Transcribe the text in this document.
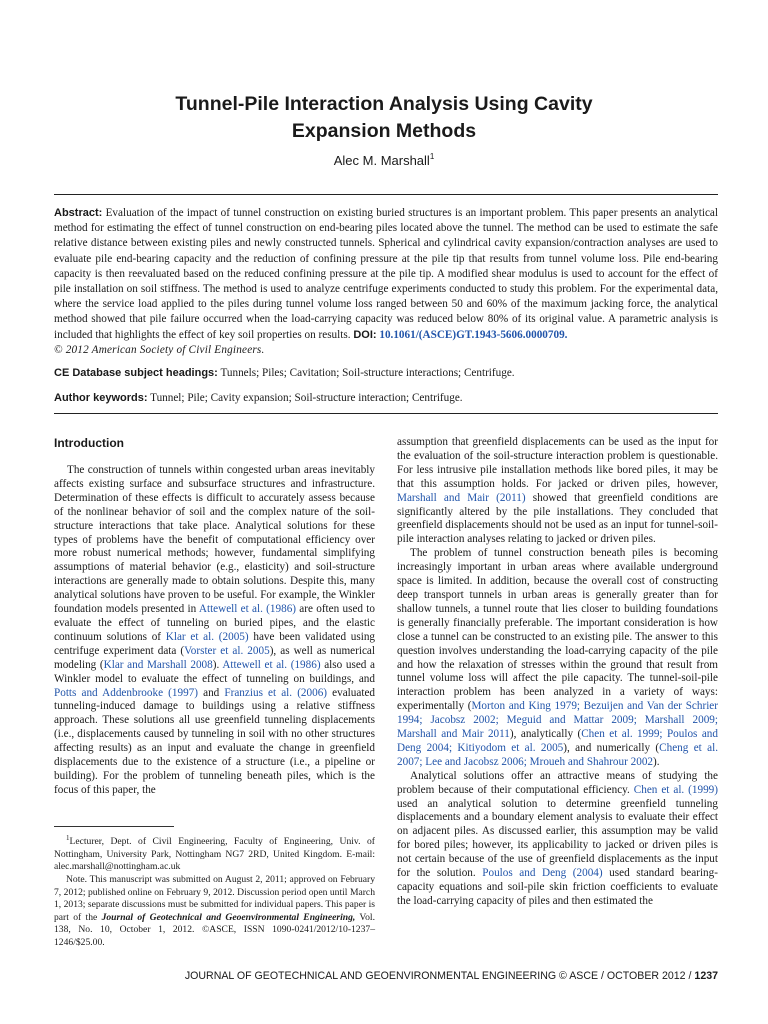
Tunnel-Pile Interaction Analysis Using Cavity
Expansion Methods
Alec M. Marshall$^1$
Abstract: Evaluation of the impact of tunnel construction on existing buried structures is an important problem. This paper presents an analytical method for estimating the effect of tunnel construction on end-bearing piles located above the tunnel. The method can be used to estimate the safe relative distance between existing piles and newly constructed tunnels. Spherical and cylindrical cavity expansion/contraction analyses are used to evaluate pile end-bearing capacity and the reduction of confining pressure at the pile tip that results from tunnel volume loss. Pile end-bearing capacity is then reevaluated based on the reduced confining pressure at the pile tip. A modified shear modulus is used to account for the effect of pile installation on soil stiffness. The method is used to analyze centrifuge experiments conducted to study this problem. For the experimental data, where the service load applied to the piles during tunnel volume loss ranged between 50 and 60% of the maximum jacking force, the analytical method showed that pile failure occurred when the load-carrying capacity was reduced below 80% of its original value. A parametric analysis is included that highlights the effect of key soil properties on results. DOI: 10.1061/(ASCE)GT.1943-5606.0000709.
© 2012 American Society of Civil Engineers.
CE Database subject headings: Tunnels; Piles; Cavitation; Soil-structure interactions; Centrifuge.
Author keywords: Tunnel; Pile; Cavity expansion; Soil-structure interaction; Centrifuge.
Introduction

The construction of tunnels within congested urban areas inevitably affects existing surface and subsurface structures and infrastructure. Determination of these effects is difficult to accurately assess because of the nonlinear behavior of soil and the complex nature of the soil-structure interactions that take place. Analytical solutions for these types of problems have the benefit of computational efficiency over more robust numerical methods; however, fundamental simplifying assumptions of material behavior (e.g., elasticity) and soil-structure interactions are generally made to obtain solutions. Despite this, many analytical solutions have proven to be useful. For example, the Winkler foundation models presented in Attewell et al. (1986) are often used to evaluate the effect of tunneling on buried pipes, and the elastic continuum solutions of Klar et al. (2005) have been validated using centrifuge experiment data (Vorster et al. 2005), as well as numerical modeling (Klar and Marshall 2008). Attewell et al. (1986) also used a Winkler model to evaluate the effect of tunneling on buildings, and Potts and Addenbrooke (1997) and Franzius et al. (2006) evaluated tunneling-induced damage to buildings using a relative stiffness approach. These solutions all use greenfield tunneling displacements (i.e., displacements caused by tunneling in soil with no other structures affecting results) as an input and evaluate the change in greenfield displacements due to the existence of a structure (i.e., a pipeline or building). For the problem of tunneling beneath piles, which is the focus of this paper, the

$^1$Lecturer, Dept. of Civil Engineering, Faculty of Engineering, Univ. of Nottingham, University Park, Nottingham NG7 2RD, United Kingdom. E-mail: alec.marshall@nottingham.ac.uk

Note. This manuscript was submitted on August 2, 2011; approved on February 7, 2012; published online on February 9, 2012. Discussion period open until March 1, 2013; separate discussions must be submitted for individual papers. This paper is part of the Journal of Geotechnical and Geoenvironmental Engineering, Vol. 138, No. 10, October 1, 2012. ©ASCE, ISSN 1090-0241/2012/10-1237–1246/$25.00.

assumption that greenfield displacements can be used as the input for the evaluation of the soil-structure interaction problem is questionable. For less intrusive pile installation methods like bored piles, it may be that this assumption holds. For jacked or driven piles, however, Marshall and Mair (2011) showed that greenfield conditions are significantly altered by the pile installations. They concluded that greenfield displacements should not be used as an input for tunnel-soil-pile interaction analyses relating to jacked or driven piles.

The problem of tunnel construction beneath piles is becoming increasingly important in urban areas where available underground space is limited. In addition, because the overall cost of constructing deep transport tunnels in urban areas is generally greater than for shallow tunnels, a tunnel route that lies closer to building foundations is generally financially preferable. The important consideration is how close a tunnel can be constructed to an existing pile. The answer to this question involves understanding the load-carrying capacity of the pile and how the relaxation of stresses within the ground that result from tunnel volume loss will affect the pile capacity. The tunnel-soil-pile interaction problem has been analyzed in a variety of ways: experimentally (Morton and King 1979; Bezuijen and Van der Schrier 1994; Jacobsz 2002; Meguid and Mattar 2009; Marshall 2009; Marshall and Mair 2011), analytically (Chen et al. 1999; Poulos and Deng 2004; Kitiyodom et al. 2005), and numerically (Cheng et al. 2007; Lee and Jacobsz 2006; Mroueh and Shahrour 2002).

Analytical solutions offer an attractive means of studying the problem because of their computational efficiency. Chen et al. (1999) used an analytical solution to determine greenfield tunneling displacements and a boundary element analysis to evaluate their effect on adjacent piles. As discussed earlier, this assumption may be valid for bored piles; however, its applicability to jacked or driven piles is not certain because of the use of greenfield displacements as the input for the solution. Poulos and Deng (2004) used standard bearing-capacity equations and soil-pile skin friction coefficients to evaluate the load-carrying capacity of piles and then estimated the

JOURNAL OF GEOTECHNICAL AND GEOENVIRONMENTAL ENGINEERING © ASCE / OCTOBER 2012 / 1237
